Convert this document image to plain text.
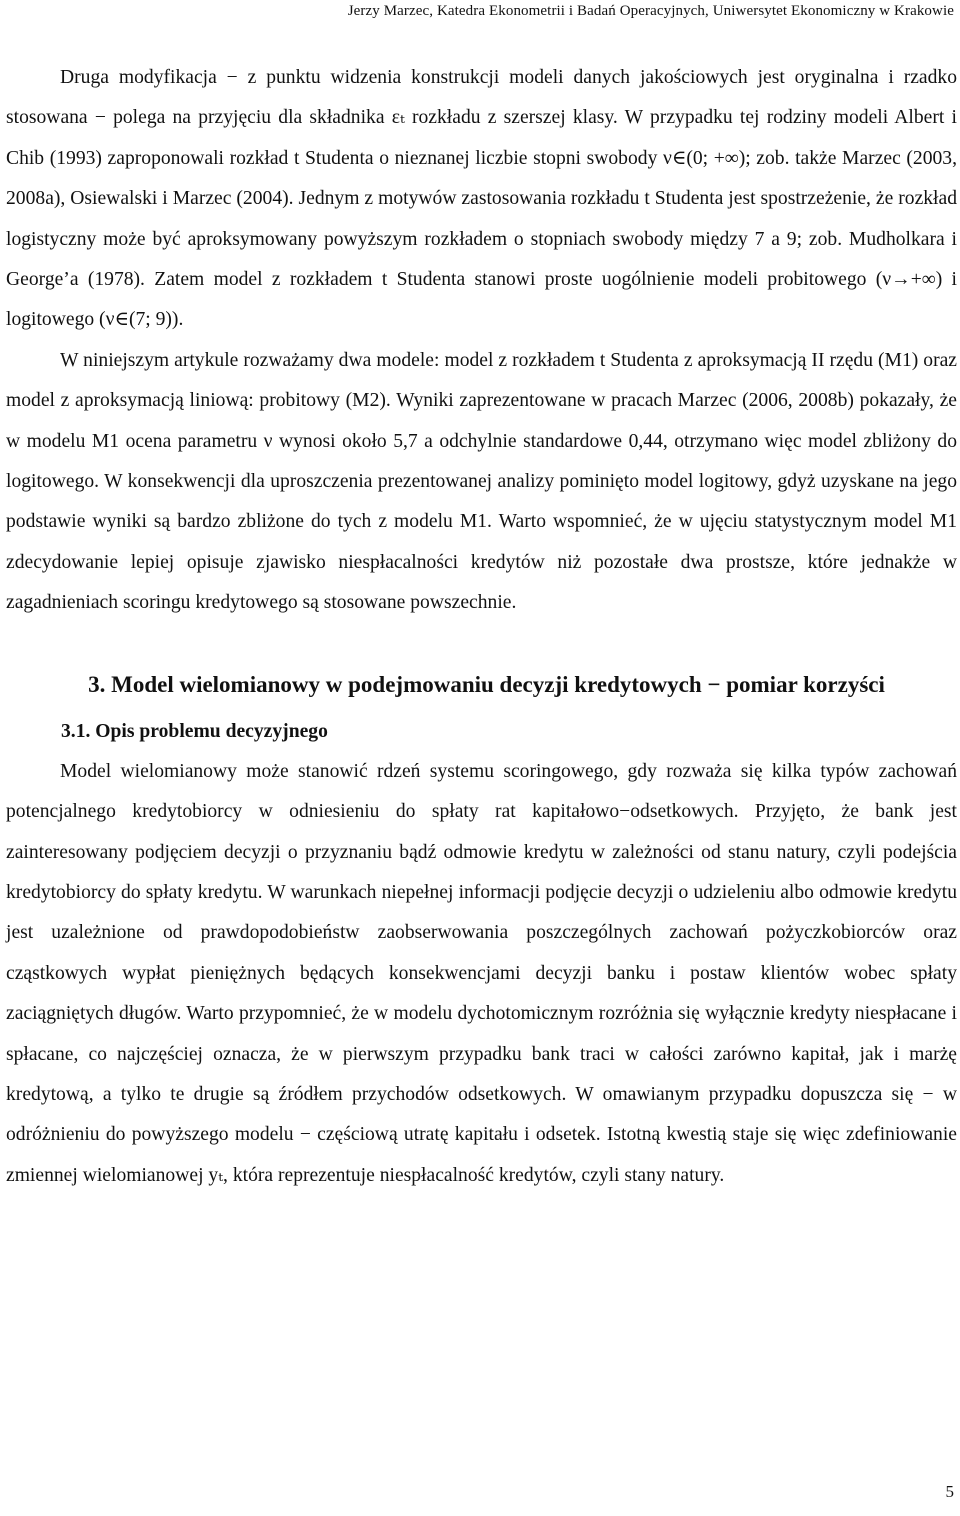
Jerzy Marzec, Katedra Ekonometrii i Badań Operacyjnych, Uniwersytet Ekonomiczny w Krakowie

Druga modyfikacja − z punktu widzenia konstrukcji modeli danych jakościowych jest oryginalna i rzadko stosowana − polega na przyjęciu dla składnika εₜ rozkładu z szerszej klasy. W przypadku tej rodziny modeli Albert i Chib (1993) zaproponowali rozkład t Studenta o nieznanej liczbie stopni swobody ν∈(0; +∞); zob. także Marzec (2003, 2008a), Osiewalski i Marzec (2004). Jednym z motywów zastosowania rozkładu t Studenta jest spostrzeżenie, że rozkład logistyczny może być aproksymowany powyższym rozkładem o stopniach swobody między 7 a 9; zob. Mudholkara i George’a (1978). Zatem model z rozkładem t Studenta stanowi proste uogólnienie modeli probitowego (ν→+∞) i logitowego (ν∈(7; 9)).

W niniejszym artykule rozważamy dwa modele: model z rozkładem t Studenta z aproksymacją II rzędu (M1) oraz model z aproksymacją liniową: probitowy (M2). Wyniki zaprezentowane w pracach Marzec (2006, 2008b) pokazały, że w modelu M1 ocena parametru ν wynosi około 5,7 a odchylnie standardowe 0,44, otrzymano więc model zbliżony do logitowego. W konsekwencji dla uproszczenia prezentowanej analizy pominięto model logitowy, gdyż uzyskane na jego podstawie wyniki są bardzo zbliżone do tych z modelu M1. Warto wspomnieć, że w ujęciu statystycznym model M1 zdecydowanie lepiej opisuje zjawisko niespłacalności kredytów niż pozostałe dwa prostsze, które jednakże w zagadnieniach scoringu kredytowego są stosowane powszechnie.

3. Model wielomianowy w podejmowaniu decyzji kredytowych − pomiar korzyści
3.1. Opis problemu decyzyjnego

Model wielomianowy może stanowić rdzeń systemu scoringowego, gdy rozważa się kilka typów zachowań potencjalnego kredytobiorcy w odniesieniu do spłaty rat kapitałowo−odsetkowych. Przyjęto, że bank jest zainteresowany podjęciem decyzji o przyznaniu bądź odmowie kredytu w zależności od stanu natury, czyli podejścia kredytobiorcy do spłaty kredytu. W warunkach niepełnej informacji podjęcie decyzji o udzieleniu albo odmowie kredytu jest uzależnione od prawdopodobieństw zaobserwowania poszczególnych zachowań pożyczkobiorców oraz cząstkowych wypłat pieniężnych będących konsekwencjami decyzji banku i postaw klientów wobec spłaty zaciągniętych długów. Warto przypomnieć, że w modelu dychotomicznym rozróżnia się wyłącznie kredyty niespłacane i spłacane, co najczęściej oznacza, że w pierwszym przypadku bank traci w całości zarówno kapitał, jak i marżę kredytową, a tylko te drugie są źródłem przychodów odsetkowych. W omawianym przypadku dopuszcza się − w odróżnieniu do powyższego modelu − częściową utratę kapitału i odsetek. Istotną kwestią staje się więc zdefiniowanie zmiennej wielomianowej yₜ, która reprezentuje niespłacalność kredytów, czyli stany natury.

5
